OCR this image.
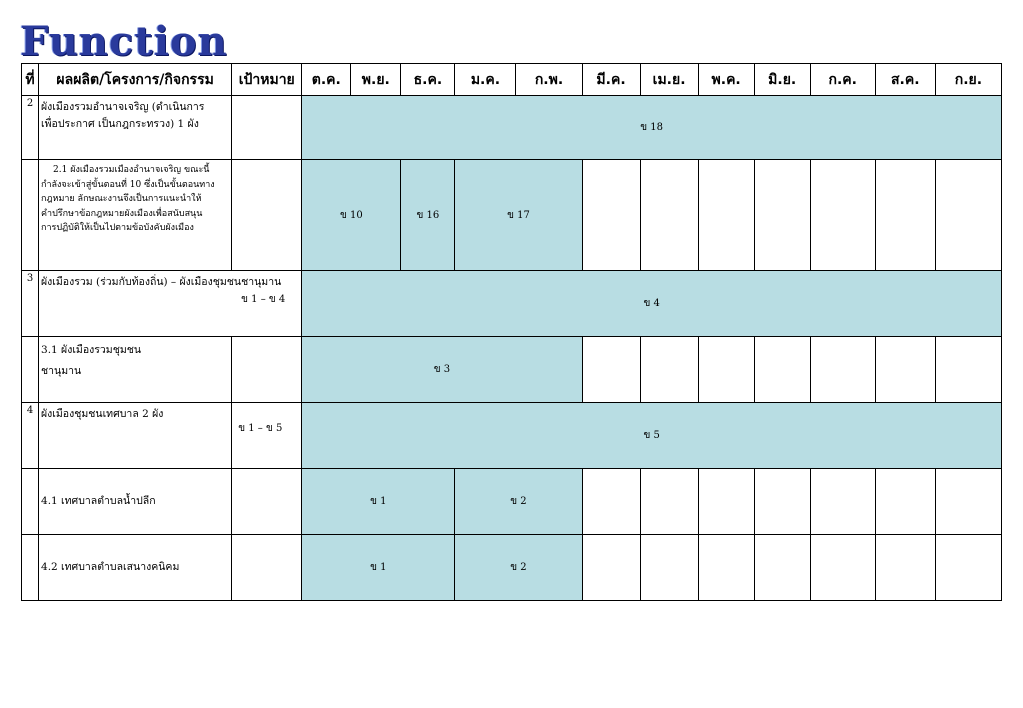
Function
ที่	ผลผลิต/โครงการ/กิจกรรม	เป้าหมาย	ต.ค.	พ.ย.	ธ.ค.	ม.ค.	ก.พ.	มี.ค.	เม.ย.	พ.ค.	มิ.ย.	ก.ค.	ส.ค.	ก.ย.
2	ผังเมืองรวมอำนาจเจริญ (ดำเนินการ
เพื่อประกาศ เป็นกฎกระทรวง) 1 ผัง		ข 18											

	2.1 ผังเมืองรวมเมืองอำนาจเจริญ ขณะนี้
กำลังจะเข้าสู่ขั้นตอนที่ 10 ซึ่งเป็นขั้นตอนทาง
กฎหมาย ลักษณะงานจึงเป็นการแนะนำให้
คำปรึกษาข้อกฎหมายผังเมืองเพื่อสนับสนุน
การปฏิบัติให้เป็นไปตามข้อบังคับผังเมือง		ข 10		ข 16	ข 17		

3	ผังเมืองรวม (ร่วมกับท้องถิ่น) – ผังเมืองชุมชนชานุมาน
ข 1 – ข 4		ข 4											

	3.1 ผังเมืองรวมชุมชน
ชานุมาน		ข 3					

4	ผังเมืองชุมชนเทศบาล 2 ผัง	ข 1 – ข 5	ข 5											

	4.1 เทศบาลตำบลน้ำปลีก		ข 1			ข 2		

	4.2 เทศบาลตำบลเสนางคนิคม		ข 1			ข 2		
